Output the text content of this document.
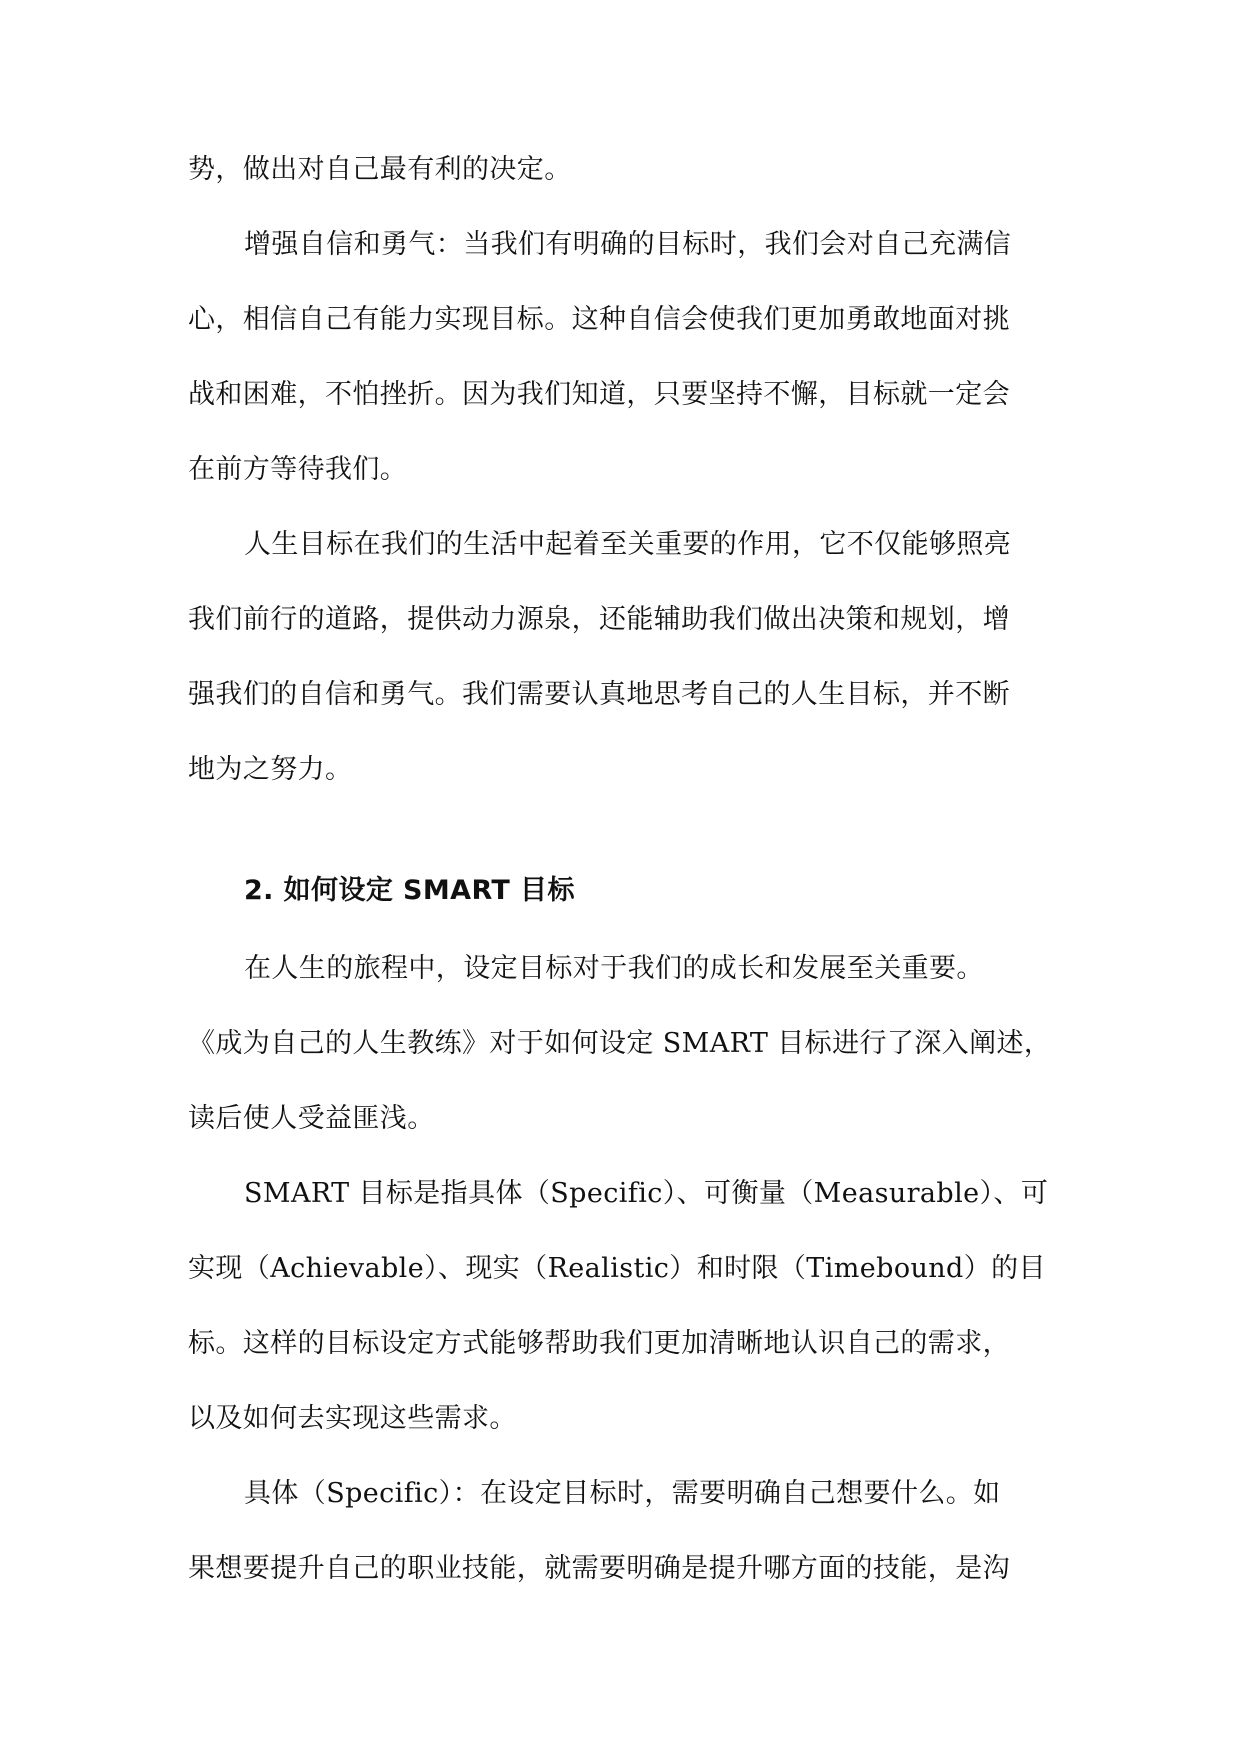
势，做出对自己最有利的决定。
增强自信和勇气：当我们有明确的目标时，我们会对自己充满信
心，相信自己有能力实现目标。这种自信会使我们更加勇敢地面对挑
战和困难，不怕挫折。因为我们知道，只要坚持不懈，目标就一定会
在前方等待我们。
人生目标在我们的生活中起着至关重要的作用，它不仅能够照亮
我们前行的道路，提供动力源泉，还能辅助我们做出决策和规划，增
强我们的自信和勇气。我们需要认真地思考自己的人生目标，并不断
地为之努力。
2. 如何设定 SMART 目标
在人生的旅程中，设定目标对于我们的成长和发展至关重要。
《成为自己的人生教练》对于如何设定 SMART 目标进行了深入阐述，
读后使人受益匪浅。
SMART 目标是指具体（Specific）、可衡量（Measurable）、可
实现（Achievable）、现实（Realistic）和时限（Timebound）的目
标。这样的目标设定方式能够帮助我们更加清晰地认识自己的需求，
以及如何去实现这些需求。
具体（Specific）：在设定目标时，需要明确自己想要什么。如
果想要提升自己的职业技能，就需要明确是提升哪方面的技能，是沟
